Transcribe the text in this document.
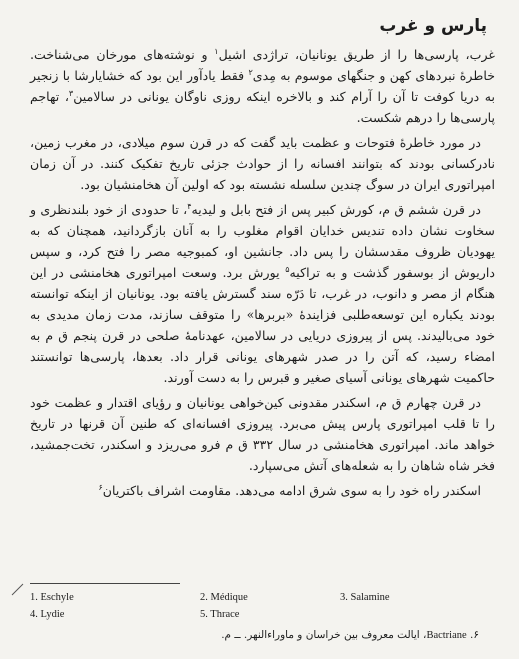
پارس و غرب

غرب، پارسی‌ها را از طریق یونانیان، تراژدی اشیل$^۱$ و نوشته‌های مورخان می‌شناخت. خاطرهٔ نبردهای کهن و جنگهای موسوم به مِدی$^۲$ فقط یادآور این بود که خشایارشا با زنجیر به دریا کوفت تا آن را آرام کند و بالاخره اینکه روزی ناوگان یونانی در سالامین$^۳$، تهاجم پارسی‌ها را درهم شکست.

در مورد خاطرهٔ فتوحات و عظمت باید گفت که در قرن سوم میلادی، در مغرب زمین، نادرکسانی بودند که بتوانند افسانه را از حوادث جزئی تاریخ تفکیک کنند. در آن زمان امپراتوری ایران در سوگ چندین سلسله نشسته بود که اولین آن هخامنشیان بود.

در قرن ششم ق م، کورش کبیر پس از فتح بابل و لیدیه$^۴$، تا حدودی از خود بلندنظری و سخاوت نشان داده تندیس خدایان اقوام مغلوب را به آنان بازگردانید، همچنان که به یهودیان ظروف مقدسشان را پس داد. جانشین او، کمبوجیه مصر را فتح کرد، و سپس داریوش از بوسفور گذشت و به تراکیه$^۵$ یورش برد. وسعت امپراتوری هخامنشی در این هنگام از مصر و دانوب، در غرب، تا دَرّه سند گسترش یافته بود. یونانیان از اینکه توانسته بودند یکباره این توسعه‌طلبی فزایندهٔ «بربرها» را متوقف سازند، مدت زمان مدیدی به خود می‌بالیدند. پس از پیروزی دریایی در سالامین، عهدنامهٔ صلحی در قرن پنجم ق م به امضاء رسید، که آتن را در صدر شهرهای یونانی قرار داد. بعدها، پارسی‌ها توانستند حاکمیت شهرهای یونانی آسیای صغیر و قبرس را به دست آورند.

در قرن چهارم ق م، اسکندر مقدونی کین‌خواهی یونانیان و رؤیای اقتدار و عظمت خود را تا قلب امپراتوری پارس پیش می‌برد. پیروزی افسانه‌ای که طنین آن قرنها در تاریخ خواهد ماند. امپراتوری هخامنشی در سال ۳۳۲ ق م فرو می‌ریزد و اسکندر، تخت‌جمشید، فخر شاه شاهان را به شعله‌های آتش می‌سپارد.

اسکندر راه خود را به سوی شرق ادامه می‌دهد. مقاومت اشراف باکتریان$^۶$

1. Eschyle	2. Médique	3. Salamine
4. Lydie	5. Thrace
۶. Bactriane، ایالت معروف بین خراسان و ماوراءالنهر. ــ م.
